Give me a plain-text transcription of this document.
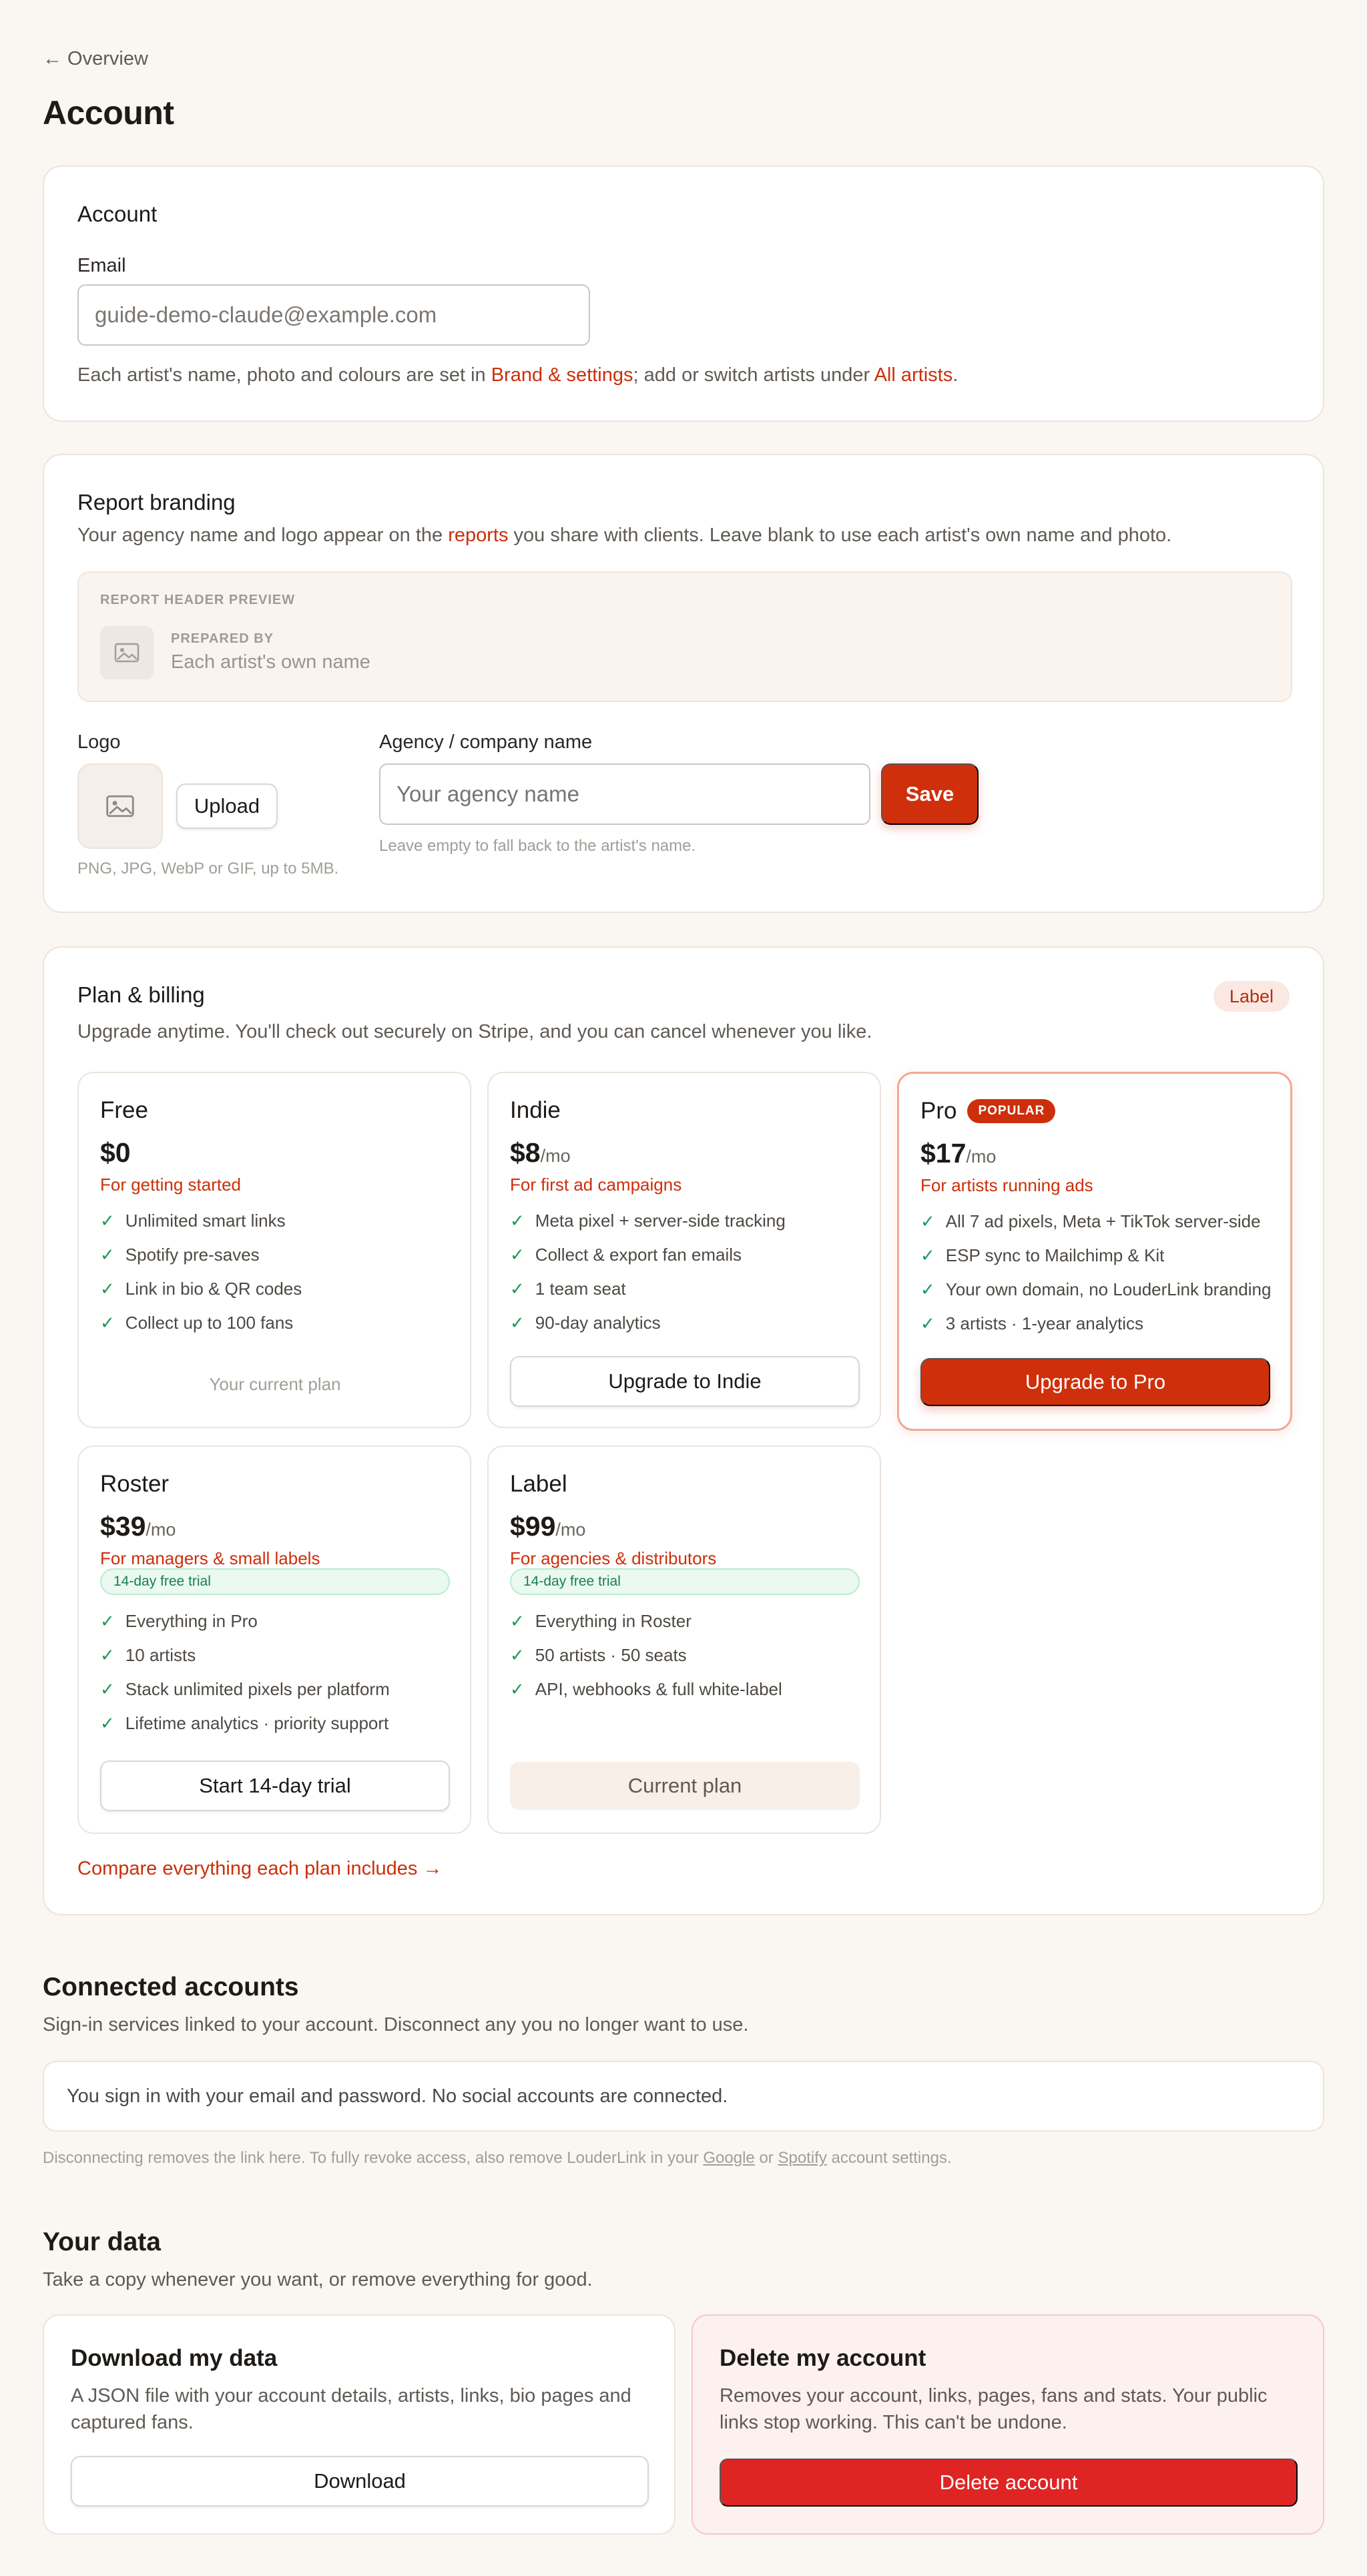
← Overview
Account
Account
Email
guide-demo-claude@example.com

Each artist's name, photo and colours are set in Brand & settings; add or switch artists under All artists.

Report branding

Your agency name and logo appear on the reports you share with clients. Leave blank to use each artist's own name and photo.

REPORT HEADER PREVIEW
PREPARED BY
Each artist's own name
Logo
Upload

PNG, JPG, WebP or GIF, up to 5MB.

Agency / company name
Your agency name
Save

Leave empty to fall back to the artist's name.

Plan & billing	Label

Upgrade anytime. You'll check out securely on Stripe, and you can cancel whenever you like.

Free
$0
For getting started
✓ Unlimited smart links
✓ Spotify pre-saves
✓ Link in bio & QR codes
✓ Collect up to 100 fans
Your current plan
Indie
$8/mo
For first ad campaigns
✓ Meta pixel + server-side tracking
✓ Collect & export fan emails
✓ 1 team seat
✓ 90-day analytics
Upgrade to Indie
Pro	POPULAR
$17/mo
For artists running ads
✓ All 7 ad pixels, Meta + TikTok server-side
✓ ESP sync to Mailchimp & Kit
✓ Your own domain, no LouderLink branding
✓ 3 artists · 1-year analytics
Upgrade to Pro
Roster
$39/mo
For managers & small labels
14-day free trial
✓ Everything in Pro
✓ 10 artists
✓ Stack unlimited pixels per platform
✓ Lifetime analytics · priority support
Start 14-day trial
Label
$99/mo
For agencies & distributors
14-day free trial
✓ Everything in Roster
✓ 50 artists · 50 seats
✓ API, webhooks & full white-label
Current plan
Compare everything each plan includes →
Connected accounts

Sign-in services linked to your account. Disconnect any you no longer want to use.

You sign in with your email and password. No social accounts are connected.

Disconnecting removes the link here. To fully revoke access, also remove LouderLink in your Google or Spotify account settings.

Your data

Take a copy whenever you want, or remove everything for good.

Download my data
A JSON file with your account details, artists, links, bio pages and captured fans.
Download
Delete my account
Removes your account, links, pages, fans and stats. Your public links stop working. This can't be undone.
Delete account
